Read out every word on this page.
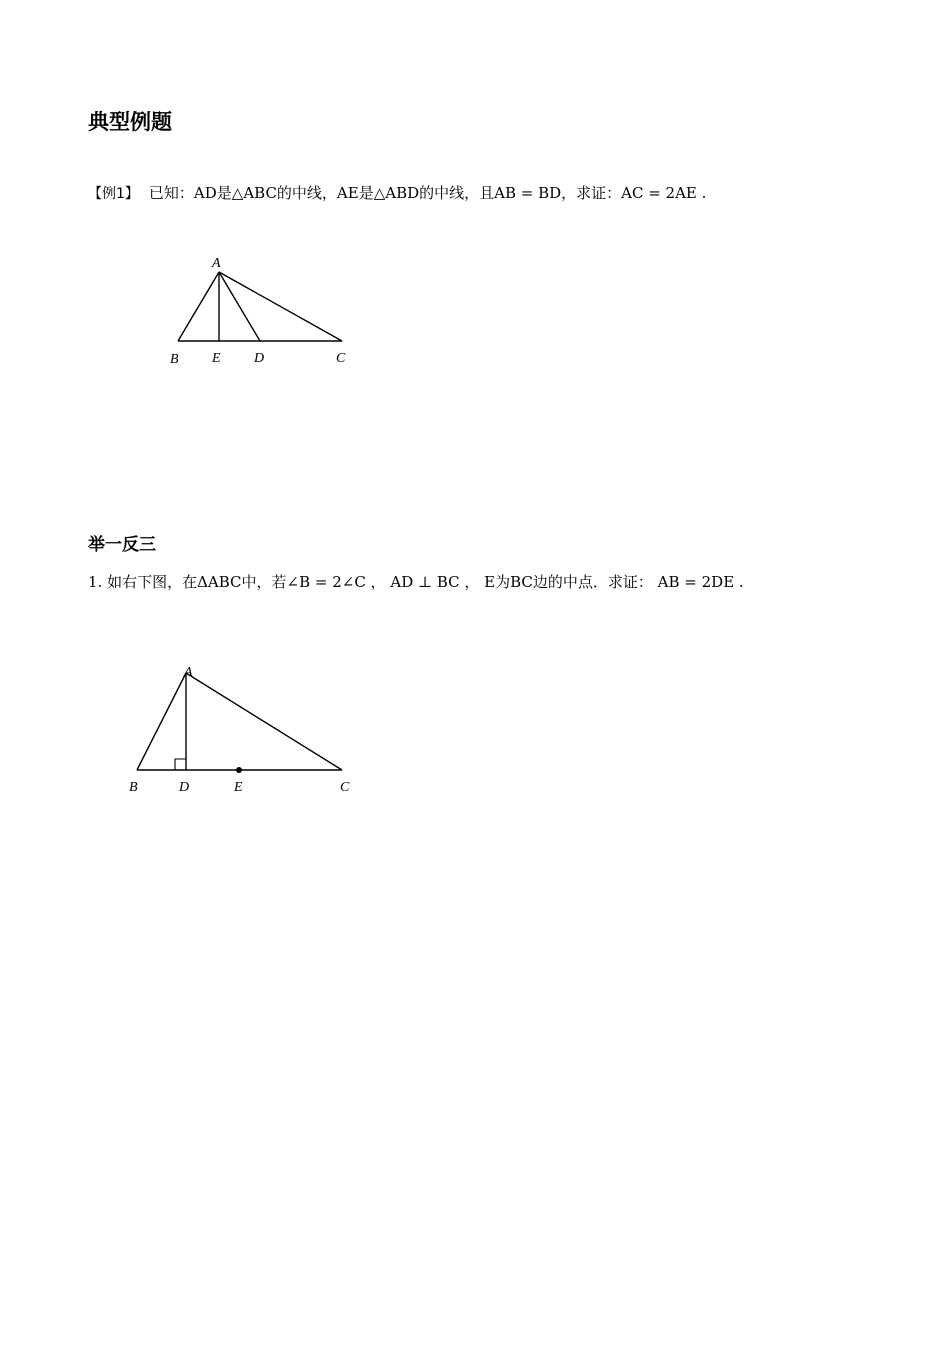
典型例题

【例1】 已知：AD是△ABC的中线，AE是△ABD的中线，且AB = BD，求证：AC = 2AE .

A
B E D	C
举一反三

1. 如右下图，在ΔABC中，若∠B = 2∠C ， AD ⊥ BC ， E为BC边的中点．求证： AB = 2DE .

A
B	D	E	C
